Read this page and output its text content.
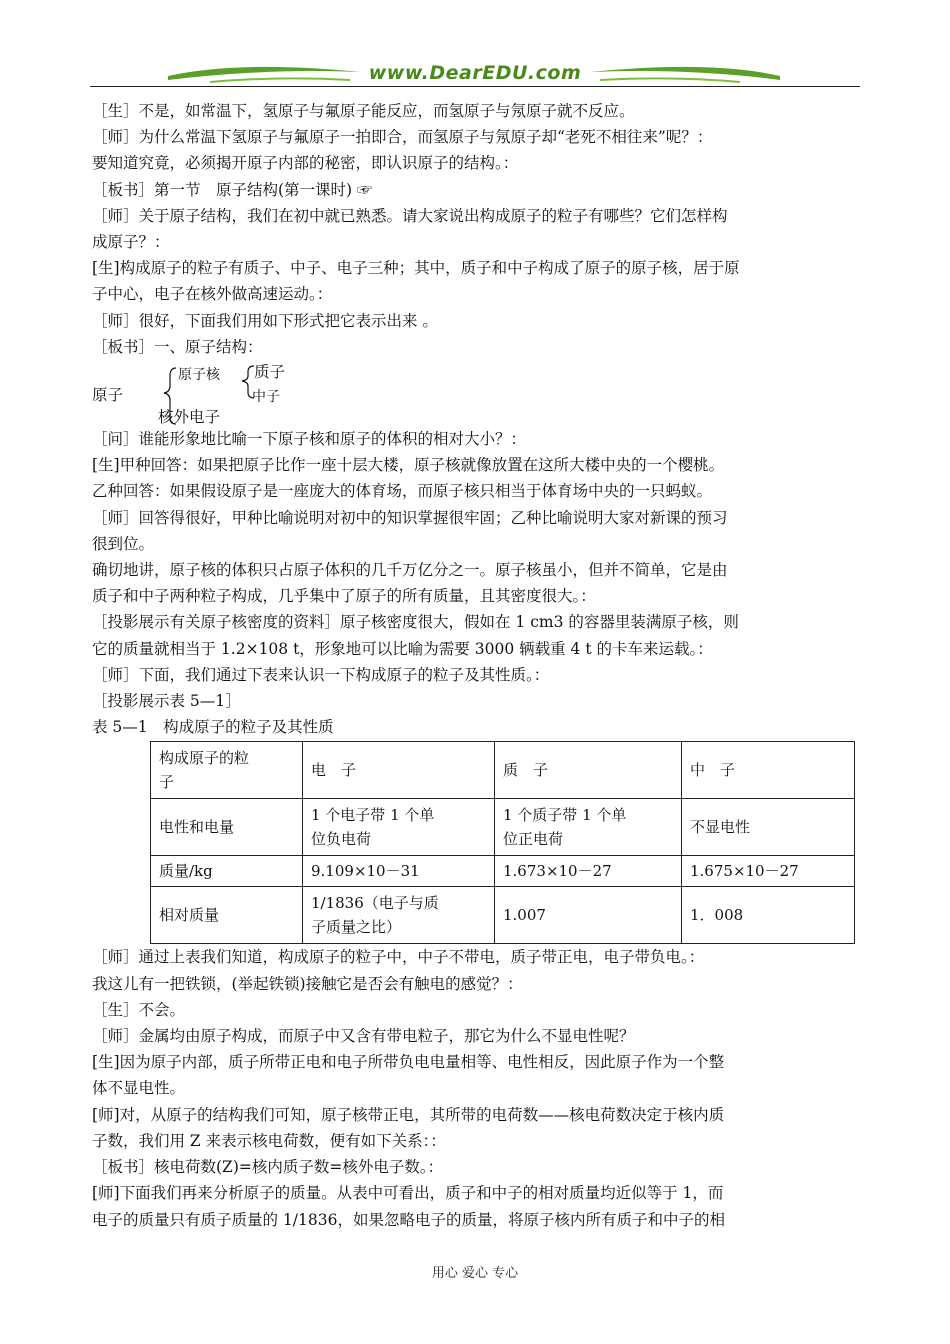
www.DearEDU.com
［生］不是，如常温下，氢原子与氟原子能反应，而氢原子与氖原子就不反应。
［师］为什么常温下氢原子与氟原子一拍即合，而氢原子与氖原子却“老死不相往来”呢？：
要知道究竟，必须揭开原子内部的秘密，即认识原子的结构。：
［板书］第一节　原子结构(第一课时) ☞
［师］关于原子结构，我们在初中就已熟悉。请大家说出构成原子的粒子有哪些？它们怎样构
成原子？：
[生]构成原子的粒子有质子、中子、电子三种；其中，质子和中子构成了原子的原子核，居于原
子中心，电子在核外做高速运动。：
［师］很好，下面我们用如下形式把它表示出来 。
［板书］一、原子结构：
原子
原子核 质子
中子
核外电子
［问］谁能形象地比喻一下原子核和原子的体积的相对大小？：
[生]甲种回答：如果把原子比作一座十层大楼，原子核就像放置在这所大楼中央的一个樱桃。
乙种回答：如果假设原子是一座庞大的体育场，而原子核只相当于体育场中央的一只蚂蚁。
［师］回答得很好，甲种比喻说明对初中的知识掌握很牢固；乙种比喻说明大家对新课的预习
很到位。
确切地讲，原子核的体积只占原子体积的几千万亿分之一。原子核虽小，但并不简单，它是由
质子和中子两种粒子构成，几乎集中了原子的所有质量，且其密度很大。：
［投影展示有关原子核密度的资料］原子核密度很大，假如在 1 cm3 的容器里装满原子核，则
它的质量就相当于 1.2×108 t，形象地可以比喻为需要 3000 辆载重 4 t 的卡车来运载。：
［师］下面，我们通过下表来认识一下构成原子的粒子及其性质。：
［投影展示表 5—1］
表 5—1　构成原子的粒子及其性质
构成原子的粒
子	电　子	质　子	中　子
电性和电量	1 个电子带 1 个单
位负电荷	1 个质子带 1 个单
位正电荷	不显电性
质量/kg	9.109×10－31	1.673×10－27	1.675×10－27
相对质量	1/1836（电子与质
子质量之比）	1.007	1．008
［师］通过上表我们知道，构成原子的粒子中，中子不带电，质子带正电，电子带负电。：
我这儿有一把铁锁，(举起铁锁)接触它是否会有触电的感觉？：
［生］不会。
［师］金属均由原子构成，而原子中又含有带电粒子，那它为什么不显电性呢？
[生]因为原子内部，质子所带正电和电子所带负电电量相等、电性相反，因此原子作为一个整
体不显电性。
[师]对，从原子的结构我们可知，原子核带正电，其所带的电荷数——核电荷数决定于核内质
子数，我们用 Z 来表示核电荷数，便有如下关系：：
［板书］核电荷数(Z)=核内质子数=核外电子数。：
[师]下面我们再来分析原子的质量。从表中可看出，质子和中子的相对质量均近似等于 1，而
电子的质量只有质子质量的 1/1836，如果忽略电子的质量，将原子核内所有质子和中子的相
用心 爱心 专心
